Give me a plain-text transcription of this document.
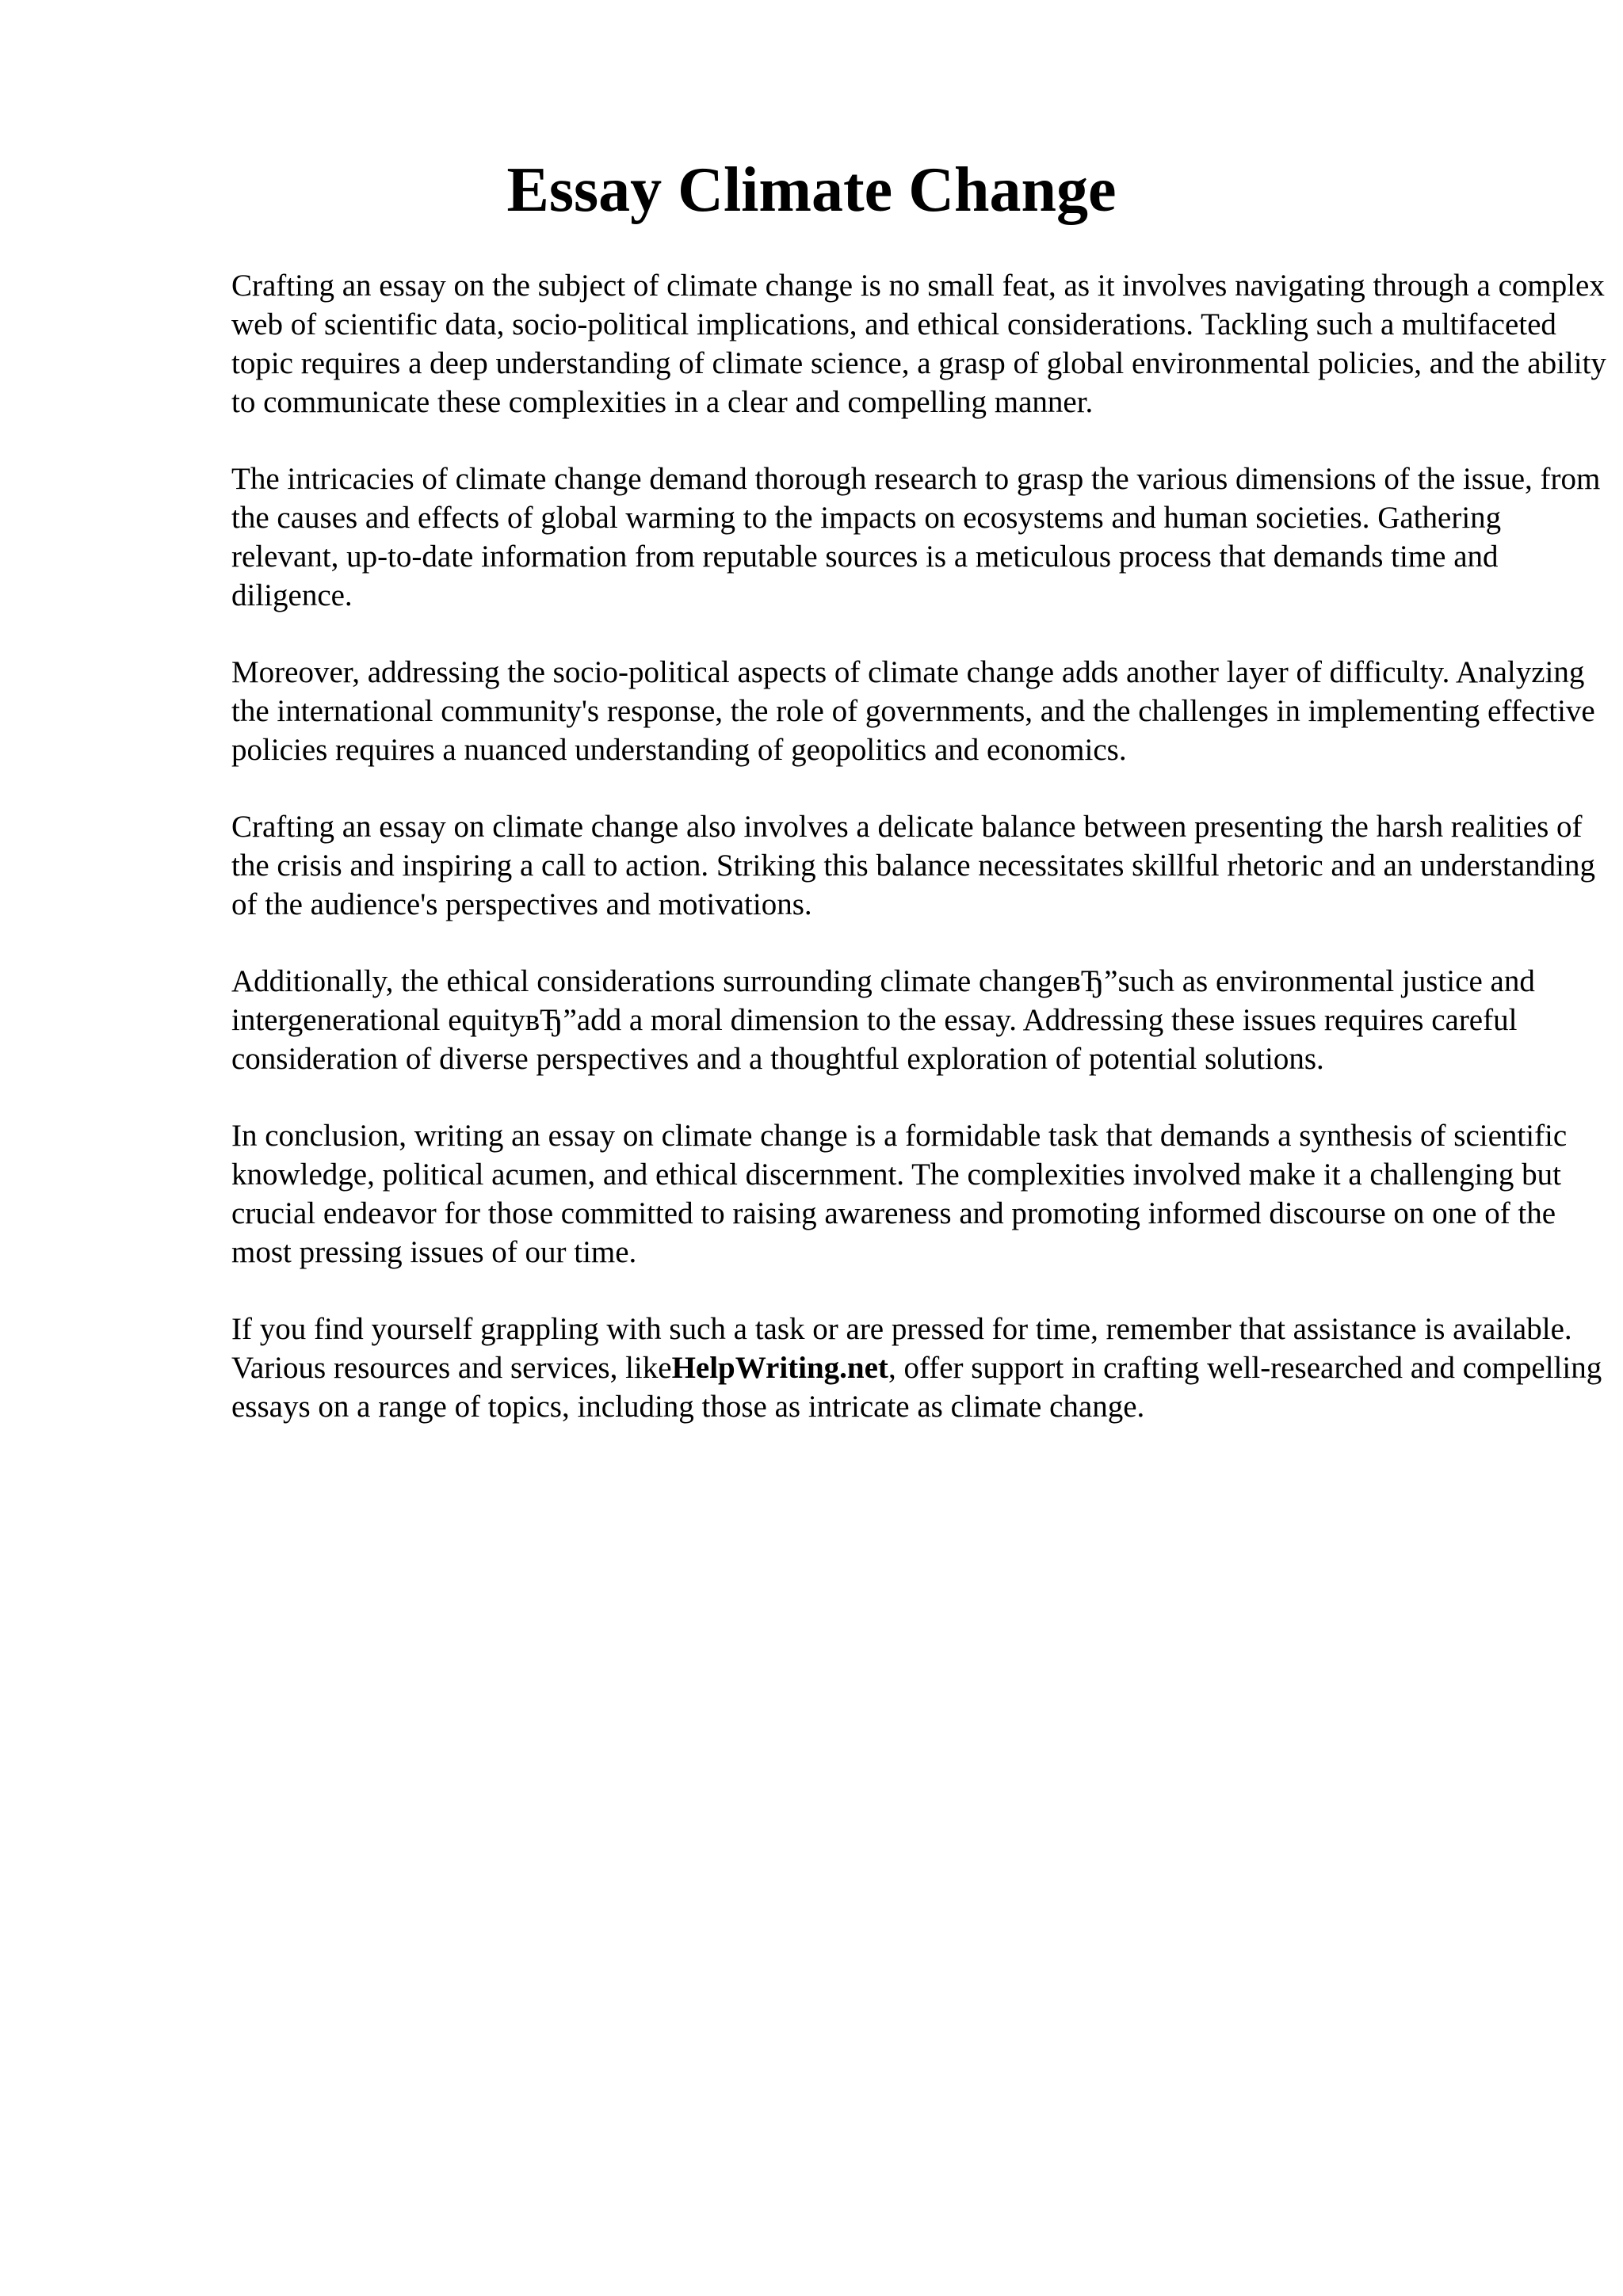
Essay Climate Change

Crafting an essay on the subject of climate change is no small feat, as it involves navigating through a complex web of scientific data, socio-political implications, and ethical considerations. Tackling such a multifaceted topic requires a deep understanding of climate science, a grasp of global environmental policies, and the ability to communicate these complexities in a clear and compelling manner.

The intricacies of climate change demand thorough research to grasp the various dimensions of the issue, from the causes and effects of global warming to the impacts on ecosystems and human societies. Gathering relevant, up-to-date information from reputable sources is a meticulous process that demands time and diligence.

Moreover, addressing the socio-political aspects of climate change adds another layer of difficulty. Analyzing the international community's response, the role of governments, and the challenges in implementing effective policies requires a nuanced understanding of geopolitics and economics.

Crafting an essay on climate change also involves a delicate balance between presenting the harsh realities of the crisis and inspiring a call to action. Striking this balance necessitates skillful rhetoric and an understanding of the audience's perspectives and motivations.

Additionally, the ethical considerations surrounding climate changeвЂ”such as environmental justice and intergenerational equityвЂ”add a moral dimension to the essay. Addressing these issues requires careful consideration of diverse perspectives and a thoughtful exploration of potential solutions.

In conclusion, writing an essay on climate change is a formidable task that demands a synthesis of scientific knowledge, political acumen, and ethical discernment. The complexities involved make it a challenging but crucial endeavor for those committed to raising awareness and promoting informed discourse on one of the most pressing issues of our time.

If you find yourself grappling with such a task or are pressed for time, remember that assistance is available. Various resources and services, likeHelpWriting.net, offer support in crafting well-researched and compelling essays on a range of topics, including those as intricate as climate change.
